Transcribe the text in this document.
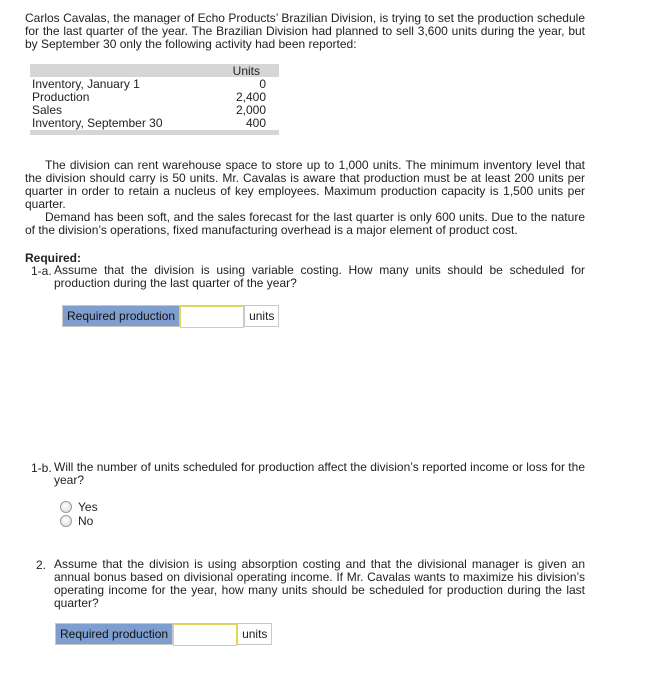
Carlos Cavalas, the manager of Echo Products’ Brazilian Division, is trying to set the production schedule for the last quarter of the year. The Brazilian Division had planned to sell 3,600 units during the year, but by September 30 only the following activity had been reported:
Units
Inventory, January 1	0
Production	2,400
Sales	2,000
Inventory, September 30	400
The division can rent warehouse space to store up to 1,000 units. The minimum inventory level that the division should carry is 50 units. Mr. Cavalas is aware that production must be at least 200 units per quarter in order to retain a nucleus of key employees. Maximum production capacity is 1,500 units per quarter.
Demand has been soft, and the sales forecast for the last quarter is only 600 units. Due to the nature of the division’s operations, fixed manufacturing overhead is a major element of product cost.
Required:
1-a. Assume that the division is using variable costing. How many units should be scheduled for production during the last quarter of the year?
Required production	units
1-b. Will the number of units scheduled for production affect the division’s reported income or loss for the year?
Yes
No
2. Assume that the division is using absorption costing and that the divisional manager is given an annual bonus based on divisional operating income. If Mr. Cavalas wants to maximize his division’s operating income for the year, how many units should be scheduled for production during the last quarter?
Required production	units
